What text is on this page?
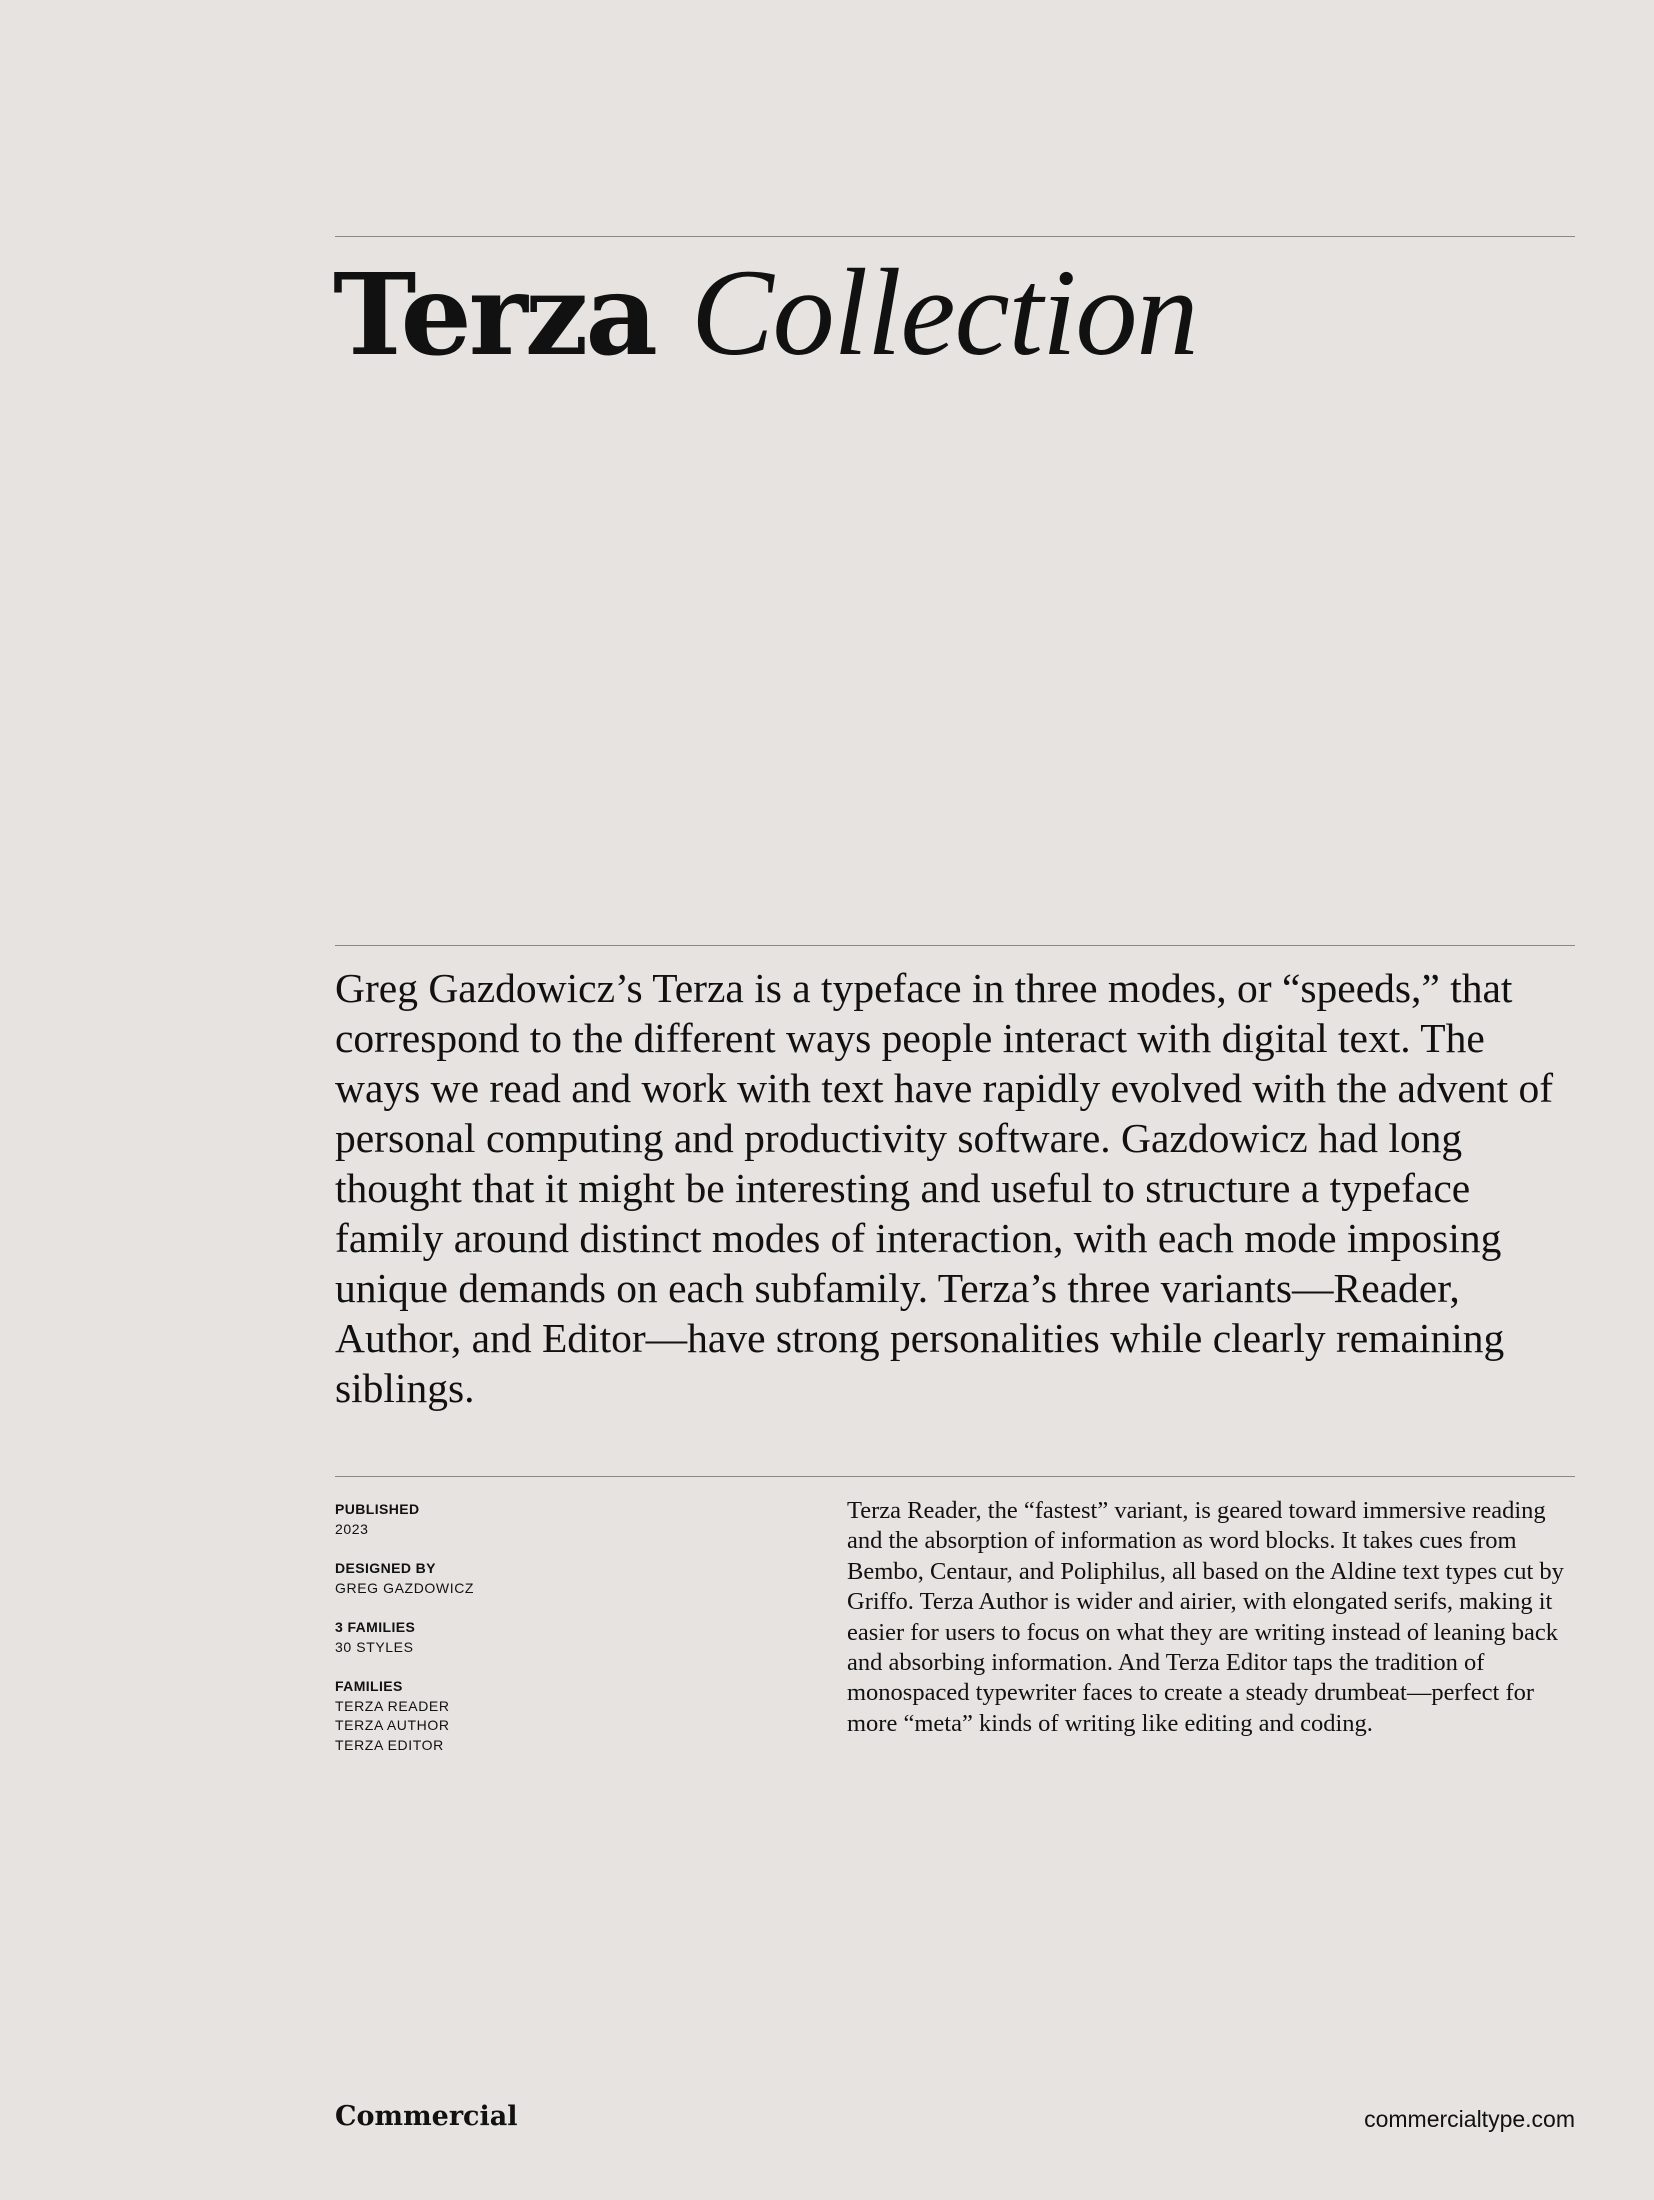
Terza Collection

Greg Gazdowicz’s Terza is a typeface in three modes, or “speeds,” that correspond to the different ways people interact with digital text. The ways we read and work with text have rapidly evolved with the advent of personal computing and productivity software. Gazdowicz had long thought that it might be interesting and useful to structure a typeface family around distinct modes of interaction, with each mode imposing unique demands on each subfamily. Terza’s three variants—Reader, Author, and Editor—have strong personalities while clearly remaining siblings.

PUBLISHED
2023
DESIGNED BY
GREG GAZDOWICZ
3 FAMILIES
30 STYLES
FAMILIES
TERZA READER
TERZA AUTHOR
TERZA EDITOR

Terza Reader, the “fastest” variant, is geared toward immersive reading and the absorption of information as word blocks. It takes cues from Bembo, Centaur, and Poliphilus, all based on the Aldine text types cut by Griffo. Terza Author is wider and airier, with elongated serifs, making it easier for users to focus on what they are writing instead of leaning back and absorbing information. And Terza Editor taps the tradition of monospaced typewriter faces to create a steady drumbeat—perfect for more “meta” kinds of writing like editing and coding.

Commercial	commercialtype.com
